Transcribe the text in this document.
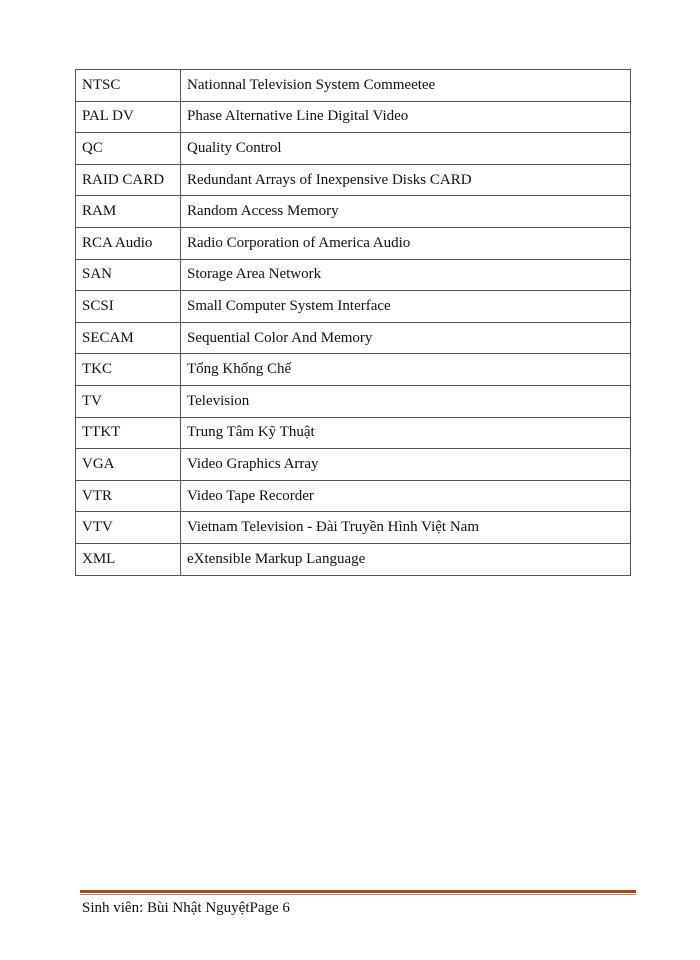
NTSC	Nationnal Television System Commeetee
PAL DV	Phase Alternative Line Digital Video
QC	Quality Control
RAID CARD	Redundant Arrays of Inexpensive Disks CARD
RAM	Random Access Memory
RCA Audio	Radio Corporation of America Audio
SAN	Storage Area Network
SCSI	Small Computer System Interface
SECAM	Sequential Color And Memory
TKC	Tổng Khống Chế
TV	Television
TTKT	Trung Tâm Kỹ Thuật
VGA	Video Graphics Array
VTR	Video Tape Recorder
VTV	Vietnam Television - Đài Truyền Hình Việt Nam
XML	eXtensible Markup Language
Sinh viên: Bùi Nhật NguyệtPage 6
